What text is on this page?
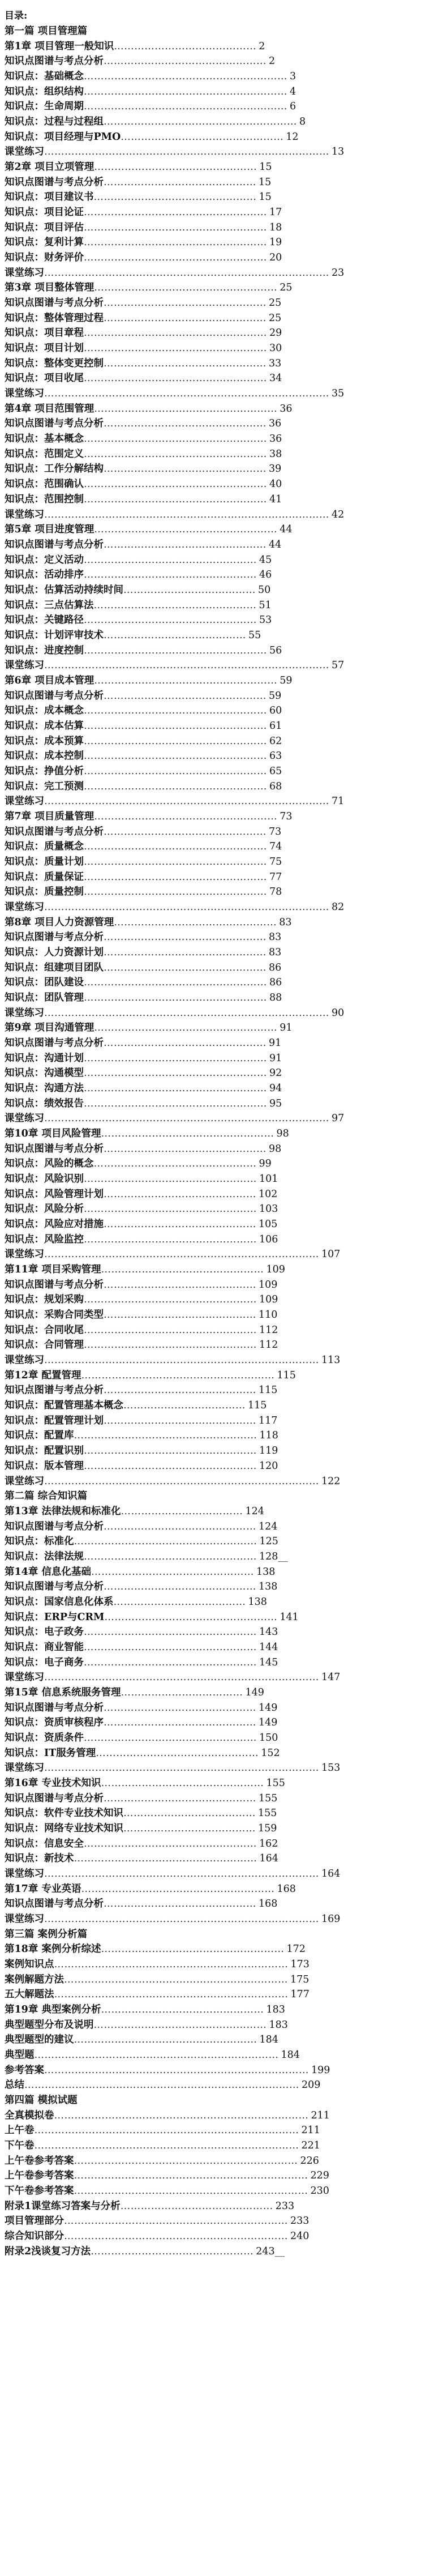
目录:
第一篇 项目管理篇
第1章 项目管理一般知识 …………………………………… 2
知识点图谱与考点分析 ………………………………………… 2
知识点：基础概念 …………………………………………………… 3
知识点：组织结构 …………………………………………………… 4
知识点：生命周期 …………………………………………………… 6
知识点：过程与过程组 ………………………………………………… 8
知识点：项目经理与PMO ………………………………………… 12
课堂练习 ………………………………………………………………………… 13
第2章 项目立项管理 ………………………………………… 15
知识点图谱与考点分析 ……………………………………… 15
知识点：项目建议书 ………………………………………… 15
知识点：项目论证 ……………………………………………… 17
知识点：项目评估 ……………………………………………… 18
知识点：复利计算 ……………………………………………… 19
知识点：财务评价 ……………………………………………… 20
课堂练习 ………………………………………………………………………… 23
第3章 项目整体管理 ……………………………………………… 25
知识点图谱与考点分析 ………………………………………… 25
知识点：整体管理过程 ………………………………………… 25
知识点：项目章程 ……………………………………………… 29
知识点：项目计划 ……………………………………………… 30
知识点：整体变更控制 ………………………………………… 33
知识点：项目收尾 ……………………………………………… 34
课堂练习 ………………………………………………………………………… 35
第4章 项目范围管理 ……………………………………………… 36
知识点图谱与考点分析 ………………………………………… 36
知识点：基本概念 ……………………………………………… 36
知识点：范围定义 ……………………………………………… 38
知识点：工作分解结构 ………………………………………… 39
知识点：范围确认 ……………………………………………… 40
知识点：范围控制 ……………………………………………… 41
课堂练习 ………………………………………………………………………… 42
第5章 项目进度管理 ……………………………………………… 44
知识点图谱与考点分析 ………………………………………… 44
知识点：定义活动 …………………………………………… 45
知识点：活动排序 …………………………………………… 46
知识点：估算活动持续时间 ………………………………… 50
知识点：三点估算法 ………………………………………… 51
知识点：关键路径 …………………………………………… 53
知识点：计划评审技术 …………………………………… 55
知识点：进度控制 ……………………………………………… 56
课堂练习 ………………………………………………………………………… 57
第6章 项目成本管理 ……………………………………………… 59
知识点图谱与考点分析 ………………………………………… 59
知识点：成本概念 ……………………………………………… 60
知识点：成本估算 ……………………………………………… 61
知识点：成本预算 ……………………………………………… 62
知识点：成本控制 ……………………………………………… 63
知识点：挣值分析 ……………………………………………… 65
知识点：完工预测 ……………………………………………… 68
课堂练习 ………………………………………………………………………… 71
第7章 项目质量管理 ……………………………………………… 73
知识点图谱与考点分析 ………………………………………… 73
知识点：质量概念 ……………………………………………… 74
知识点：质量计划 ……………………………………………… 75
知识点：质量保证 ……………………………………………… 77
知识点：质量控制 ……………………………………………… 78
课堂练习 ………………………………………………………………………… 82
第8章 项目人力资源管理 ………………………………………… 83
知识点图谱与考点分析 ………………………………………… 83
知识点：人力资源计划 ………………………………………… 83
知识点：组建项目团队 ………………………………………… 86
知识点：团队建设 ……………………………………………… 86
知识点：团队管理 ……………………………………………… 88
课堂练习 ………………………………………………………………………… 90
第9章 项目沟通管理 ……………………………………………… 91
知识点图谱与考点分析 ………………………………………… 91
知识点：沟通计划 ……………………………………………… 91
知识点：沟通模型 ……………………………………………… 92
知识点：沟通方法 ……………………………………………… 94
知识点：绩效报告 ……………………………………………… 95
课堂练习 ………………………………………………………………………… 97
第10章 项目风险管理 …………………………………………… 98
知识点图谱与考点分析 ………………………………………… 98
知识点：风险的概念 ………………………………………… 99
知识点：风险识别 …………………………………………… 101
知识点：风险管理计划 ……………………………………… 102
知识点：风险分析 …………………………………………… 103
知识点：风险应对措施 ……………………………………… 105
知识点：风险监控 …………………………………………… 106
课堂练习 ……………………………………………………………………… 107
第11章 项目采购管理 ………………………………………… 109
知识点图谱与考点分析 ……………………………………… 109
知识点：规划采购 …………………………………………… 109
知识点：采购合同类型 ……………………………………… 110
知识点：合同收尾 …………………………………………… 112
知识点：合同管理 …………………………………………… 112
课堂练习 ……………………………………………………………………… 113
第12章 配置管理 ………………………………………………… 115
知识点图谱与考点分析 ……………………………………… 115
知识点：配置管理基本概念 ……………………………… 115
知识点：配置管理计划 ……………………………………… 117
知识点：配置库 ……………………………………………… 118
知识点：配置识别 …………………………………………… 119
知识点：版本管理 …………………………………………… 120
课堂练习 ……………………………………………………………………… 122
第二篇 综合知识篇
第13章 法律法规和标准化 ……………………………… 124
知识点图谱与考点分析 ……………………………………… 124
知识点：标准化 ……………………………………………… 125
知识点：法律法规 …………………………………………… 128__
第14章 信息化基础 ………………………………………… 138
知识点图谱与考点分析 ……………………………………… 138
知识点：国家信息化体系 ………………………………… 138
知识点：ERP与CRM …………………………………………… 141
知识点：电子政务 …………………………………………… 143
知识点：商业智能 …………………………………………… 144
知识点：电子商务 …………………………………………… 145
课堂练习 ……………………………………………………………………… 147
第15章 信息系统服务管理 ……………………………… 149
知识点图谱与考点分析 ……………………………………… 149
知识点：资质审核程序 ……………………………………… 149
知识点：资质条件 …………………………………………… 150
知识点：IT服务管理 ………………………………………… 152
课堂练习 ……………………………………………………………………… 153
第16章 专业技术知识 ………………………………………… 155
知识点图谱与考点分析 ……………………………………… 155
知识点：软件专业技术知识 ………………………………… 155
知识点：网络专业技术知识 ………………………………… 159
知识点：信息安全 …………………………………………… 162
知识点：新技术 ……………………………………………… 164
课堂练习 ……………………………………………………………………… 164
第17章 专业英语 ………………………………………………… 168
知识点图谱与考点分析 ……………………………………… 168
课堂练习 ……………………………………………………………………… 169
第三篇 案例分析篇
第18章 案例分析综述 ……………………………………………… 172
案例知识点 …………………………………………………………… 173
案例解题方法 ………………………………………………………… 175
五大解题法 …………………………………………………………… 177
第19章 典型案例分析 ………………………………………… 183
典型题型分布及说明 …………………………………………… 183
典型题型的建议 ……………………………………………… 184
典型题 ……………………………………………………………… 184
参考答案 …………………………………………………………………… 199
总结 ……………………………………………………………………… 209
第四篇 模拟试题
全真模拟卷 ………………………………………………………………… 211
上午卷 …………………………………………………………………… 211
下午卷 …………………………………………………………………… 221
上午卷参考答案 ………………………………………………………… 226
上午卷参考答案 …………………………………………………………… 229
下午卷参考答案 …………………………………………………………… 230
附录1课堂练习答案与分析 ……………………………………… 233
项目管理部分 ………………………………………………………… 233
综合知识部分 ………………………………………………………… 240
附录2浅谈复习方法 ………………………………………… 243__
